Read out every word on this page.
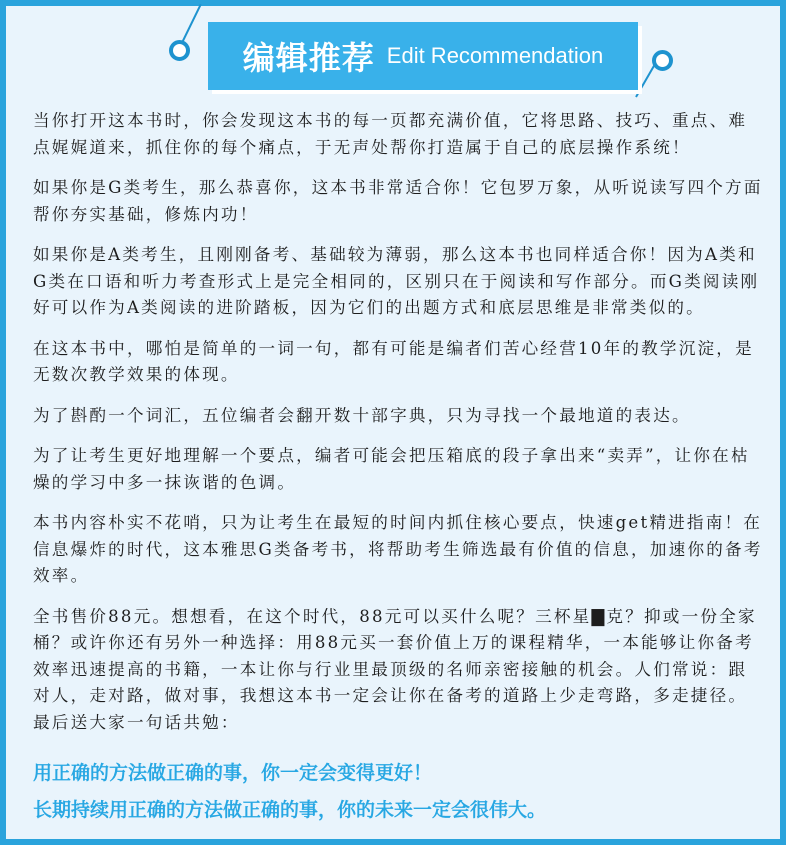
编辑推荐 Edit Recommendation

当你打开这本书时，你会发现这本书的每一页都充满价值，它将思路、技巧、重点、难点娓娓道来，抓住你的每个痛点，于无声处帮你打造属于自己的底层操作系统！

如果你是G类考生，那么恭喜你，这本书非常适合你！它包罗万象，从听说读写四个方面帮你夯实基础，修炼内功！

如果你是A类考生，且刚刚备考、基础较为薄弱，那么这本书也同样适合你！因为A类和G类在口语和听力考查形式上是完全相同的，区别只在于阅读和写作部分。而G类阅读刚好可以作为A类阅读的进阶踏板，因为它们的出题方式和底层思维是非常类似的。

在这本书中，哪怕是简单的一词一句，都有可能是编者们苦心经营10年的教学沉淀，是无数次教学效果的体现。

为了斟酌一个词汇，五位编者会翻开数十部字典，只为寻找一个最地道的表达。

为了让考生更好地理解一个要点，编者可能会把压箱底的段子拿出来“卖弄”，让你在枯燥的学习中多一抹诙谐的色调。

本书内容朴实不花哨，只为让考生在最短的时间内抓住核心要点，快速get精进指南！在信息爆炸的时代，这本雅思G类备考书，将帮助考生筛选最有价值的信息，加速你的备考效率。

全书售价88元。想想看，在这个时代，88元可以买什么呢？三杯星▇克？抑或一份全家桶？或许你还有另外一种选择：用88元买一套价值上万的课程精华，一本能够让你备考效率迅速提高的书籍，一本让你与行业里最顶级的名师亲密接触的机会。人们常说：跟对人，走对路，做对事，我想这本书一定会让你在备考的道路上少走弯路，多走捷径。最后送大家一句话共勉：

用正确的方法做正确的事，你一定会变得更好！
长期持续用正确的方法做正确的事，你的未来一定会很伟大。
